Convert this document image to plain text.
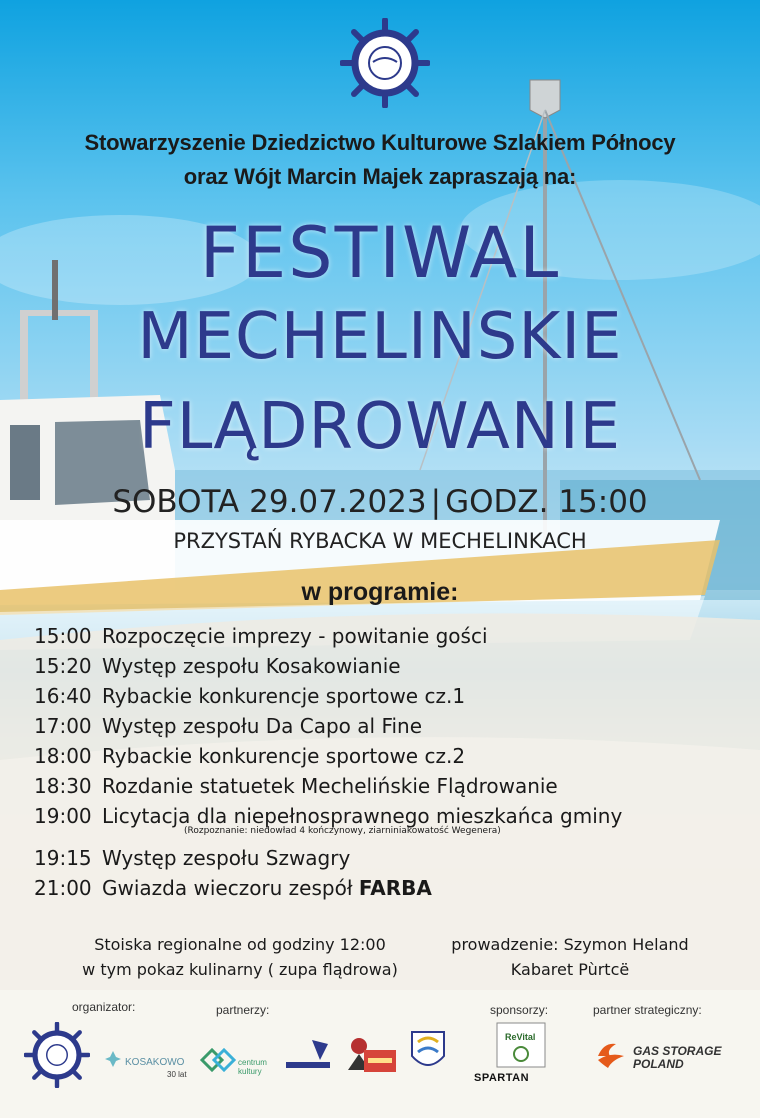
Stowarzyszenie Dziedzictwo Kulturowe Szlakiem Północy
oraz Wójt Marcin Majek zapraszają na:
FESTIWAL
MECHELINSKIE
FLĄDROWANIE
SOBOTA 29.07.2023 | GODZ. 15:00
PRZYSTAŃ RYBACKA W MECHELINKACH
w programie:
15:00 Rozpoczęcie imprezy - powitanie gości
15:20 Występ zespołu Kosakowianie
16:40 Rybackie konkurencje sportowe cz.1
17:00 Występ zespołu Da Capo al Fine
18:00 Rybackie konkurencje sportowe cz.2
18:30 Rozdanie statuetek Mechelińskie Flądrowanie
19:00 Licytacja dla niepełnosprawnego mieszkańca gminy
(Rozpoznanie: niedowład 4 kończynowy, ziarniniakowatość Wegenera)
19:15 Występ zespołu Szwagry
21:00 Gwiazda wieczoru zespół FARBA
Stoiska regionalne od godziny 12:00
w tym pokaz kulinarny ( zupa flądrowa)
prowadzenie: Szymon Heland
Kabaret Pùrtcë
organizator:	partnerzy:	sponsorzy:	partner strategiczny:
KOSAKOWO
30 lat
centrum kultury
ReVital
SPARTAN
GAS STORAGE
POLAND
